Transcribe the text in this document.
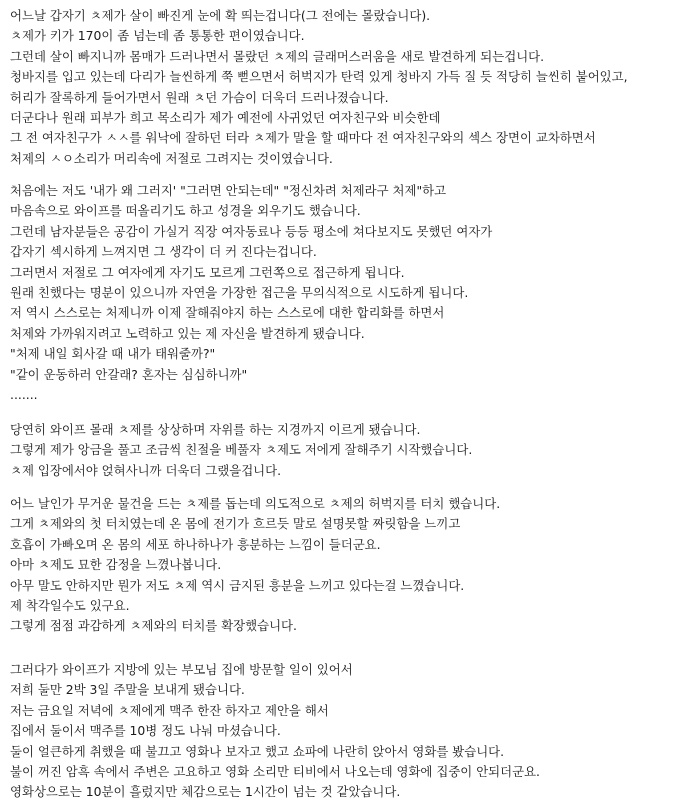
어느날 갑자기 ㅊ제가 살이 빠진게 눈에 확 띄는겁니다(그 전에는 몰랐습니다).
ㅊ제가 키가 170이 좀 넘는데 좀 통통한 편이였습니다.
그런데 살이 빠지니까 몸매가 드러나면서 몰랐던 ㅊ제의 글래머스러움을 새로 발견하게 되는겁니다.
청바지를 입고 있는데 다리가 늘씬하게 쭉 뻗으면서 허벅지가 탄력 있게 청바지 가득 질 듯 적당히 늘씬히 붙어있고,
허리가 잘록하게 들어가면서 원래 ㅊ던 가슴이 더욱더 드러나졌습니다.
더군다나 원래 피부가 희고 목소리가 제가 예전에 사귀었던 여자친구와 비슷한데
그 전 여자친구가 ㅅㅅ를 워낙에 잘하던 터라 ㅊ제가 말을 할 때마다 전 여자친구와의 섹스 장면이 교차하면서
처제의 ㅅㅇ소리가 머리속에 저절로 그려지는 것이였습니다.
처음에는 저도 '내가 왜 그러지' "그러면 안되는데" "정신차려 처제라구 처제"하고
마음속으로 와이프를 떠올리기도 하고 성경을 외우기도 했습니다.
그런데 남자분들은 공감이 가실거 직장 여자동료나 등등 평소에 쳐다보지도 못했던 여자가
갑자기 섹시하게 느껴지면 그 생각이 더 커 진다는겁니다.
그러면서 저절로 그 여자에게 자기도 모르게 그런쪽으로 접근하게 됩니다.
원래 친했다는 명분이 있으니까 자연을 가장한 접근을 무의식적으로 시도하게 됩니다.
저 역시 스스로는 처제니까 이제 잘해줘야지 하는 스스로에 대한 합리화를 하면서
처제와 가까워지려고 노력하고 있는 제 자신을 발견하게 됐습니다.
"처제 내일 회사갈 때 내가 태워줄까?"
"같이 운동하러 안갈래? 혼자는 심심하니까"
.......
당연히 와이프 몰래 ㅊ제를 상상하며 자위를 하는 지경까지 이르게 됐습니다.
그렇게 제가 앙금을 풀고 조금씩 친절을 베풀자 ㅊ제도 저에게 잘해주기 시작했습니다.
ㅊ제 입장에서야 얹혀사니까 더욱더 그랬을겁니다.
어느 날인가 무거운 물건을 드는 ㅊ제를 돕는데 의도적으로 ㅊ제의 허벅지를 터치 했습니다.
그게 ㅊ제와의 첫 터치였는데 온 몸에 전기가 흐르듯 말로 설명못할 짜릿함을 느끼고
호흡이 가빠오며 온 몸의 세포 하나하나가 흥분하는 느낌이 들더군요.
아마 ㅊ제도 묘한 감정을 느꼈나봅니다.
아무 말도 안하지만 뭔가 저도 ㅊ제 역시 금지된 흥분을 느끼고 있다는걸 느꼈습니다.
제 착각일수도 있구요.
그렇게 점점 과감하게 ㅊ제와의 터치를 확장했습니다.
그러다가 와이프가 지방에 있는 부모님 집에 방문할 일이 있어서
저희 둘만 2박 3일 주말을 보내게 됐습니다.
저는 금요일 저녁에 ㅊ제에게 맥주 한잔 하자고 제안을 해서
집에서 둘이서 맥주를 10병 정도 나눠 마셨습니다.
둘이 얼큰하게 취했을 때 불끄고 영화나 보자고 했고 쇼파에 나란히 앉아서 영화를 봤습니다.
불이 꺼진 암흑 속에서 주변은 고요하고 영화 소리만 티비에서 나오는데 영화에 집중이 안되더군요.
영화상으로는 10분이 흘렀지만 체감으로는 1시간이 넘는 것 같았습니다.
